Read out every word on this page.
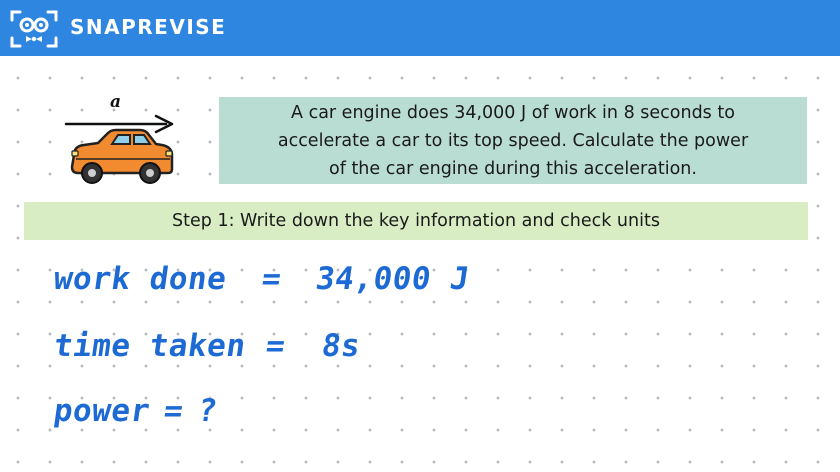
SNAPREVISE
a
A car engine does 34,000 J of work in 8 seconds to
accelerate a car to its top speed. Calculate the power
of the car engine during this acceleration.
Step 1: Write down the key information and check units
work done = 34,000 J
time taken = 8s
power = ?
